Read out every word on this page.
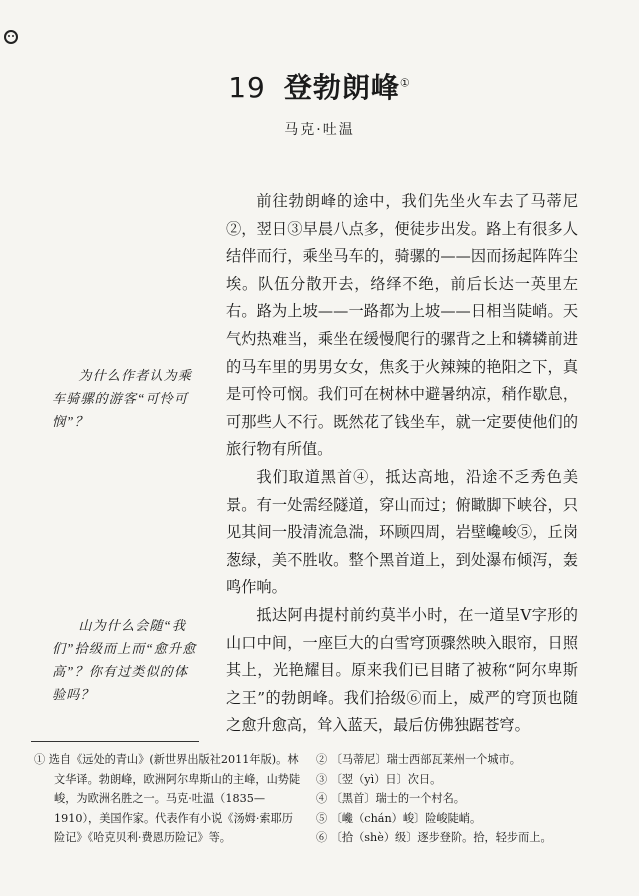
19 登勃朗峰①
马克·吐温

前往勃朗峰的途中，我们先坐火车去了马蒂尼②，翌日③早晨八点多，便徒步出发。路上有很多人结伴而行，乘坐马车的，骑骡的——因而扬起阵阵尘埃。队伍分散开去，络绎不绝，前后长达一英里左右。路为上坡——一路都为上坡——日相当陡峭。天气灼热难当，乘坐在缓慢爬行的骡背之上和辚辚前进的马车里的男男女女，焦炙于火辣辣的艳阳之下，真是可怜可悯。我们可在树林中避暑纳凉，稍作歇息，可那些人不行。既然花了钱坐车，就一定要使他们的旅行物有所值。

我们取道黑首④，抵达高地，沿途不乏秀色美景。有一处需经隧道，穿山而过；俯瞰脚下峡谷，只见其间一股清流急湍，环顾四周，岩壁巉峻⑤，丘岗葱绿，美不胜收。整个黑首道上，到处瀑布倾泻，轰鸣作响。

抵达阿冉提村前约莫半小时，在一道呈V字形的山口中间，一座巨大的白雪穹顶骤然映入眼帘，日照其上，光艳耀目。原来我们已目睹了被称“阿尔卑斯之王”的勃朗峰。我们拾级⑥而上，威严的穹顶也随之愈升愈高，耸入蓝天，最后仿佛独踞苍穹。

为什么作者认为乘车骑骡的游客“可怜可悯”？
山为什么会随“我们”拾级而上而“愈升愈高”？你有过类似的体验吗？
① 选自《远处的青山》(新世界出版社2011年版)。林文华译。勃朗峰，欧洲阿尔卑斯山的主峰，山势陡峻，为欧洲名胜之一。马克·吐温（1835—1910），美国作家。代表作有小说《汤姆·索耶历险记》《哈克贝利·费恩历险记》等。
② 〔马蒂尼〕瑞士西部瓦莱州一个城市。
③ 〔翌（yì）日〕次日。
④ 〔黑首〕瑞士的一个村名。
⑤ 〔巉（chán）峻〕险峻陡峭。
⑥ 〔拾（shè）级〕逐步登阶。拾，轻步而上。
